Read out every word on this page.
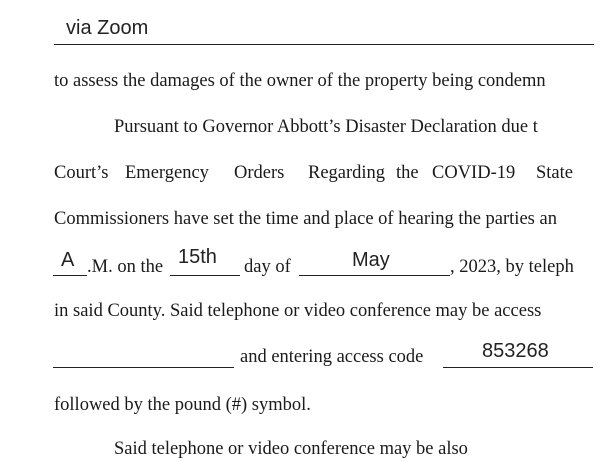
via Zoom
to assess the damages of the owner of the property being condemn
Pursuant to Governor Abbott’s Disaster Declaration due t
Court’s Emergency Orders Regarding the COVID-19 State
Commissioners have set the time and place of hearing the parties an
A .M. on the 15th day of	May	, 2023, by teleph
in said County. Said telephone or video conference may be access
and entering access code	853268
followed by the pound (#) symbol.
Said telephone or video conference may be also
